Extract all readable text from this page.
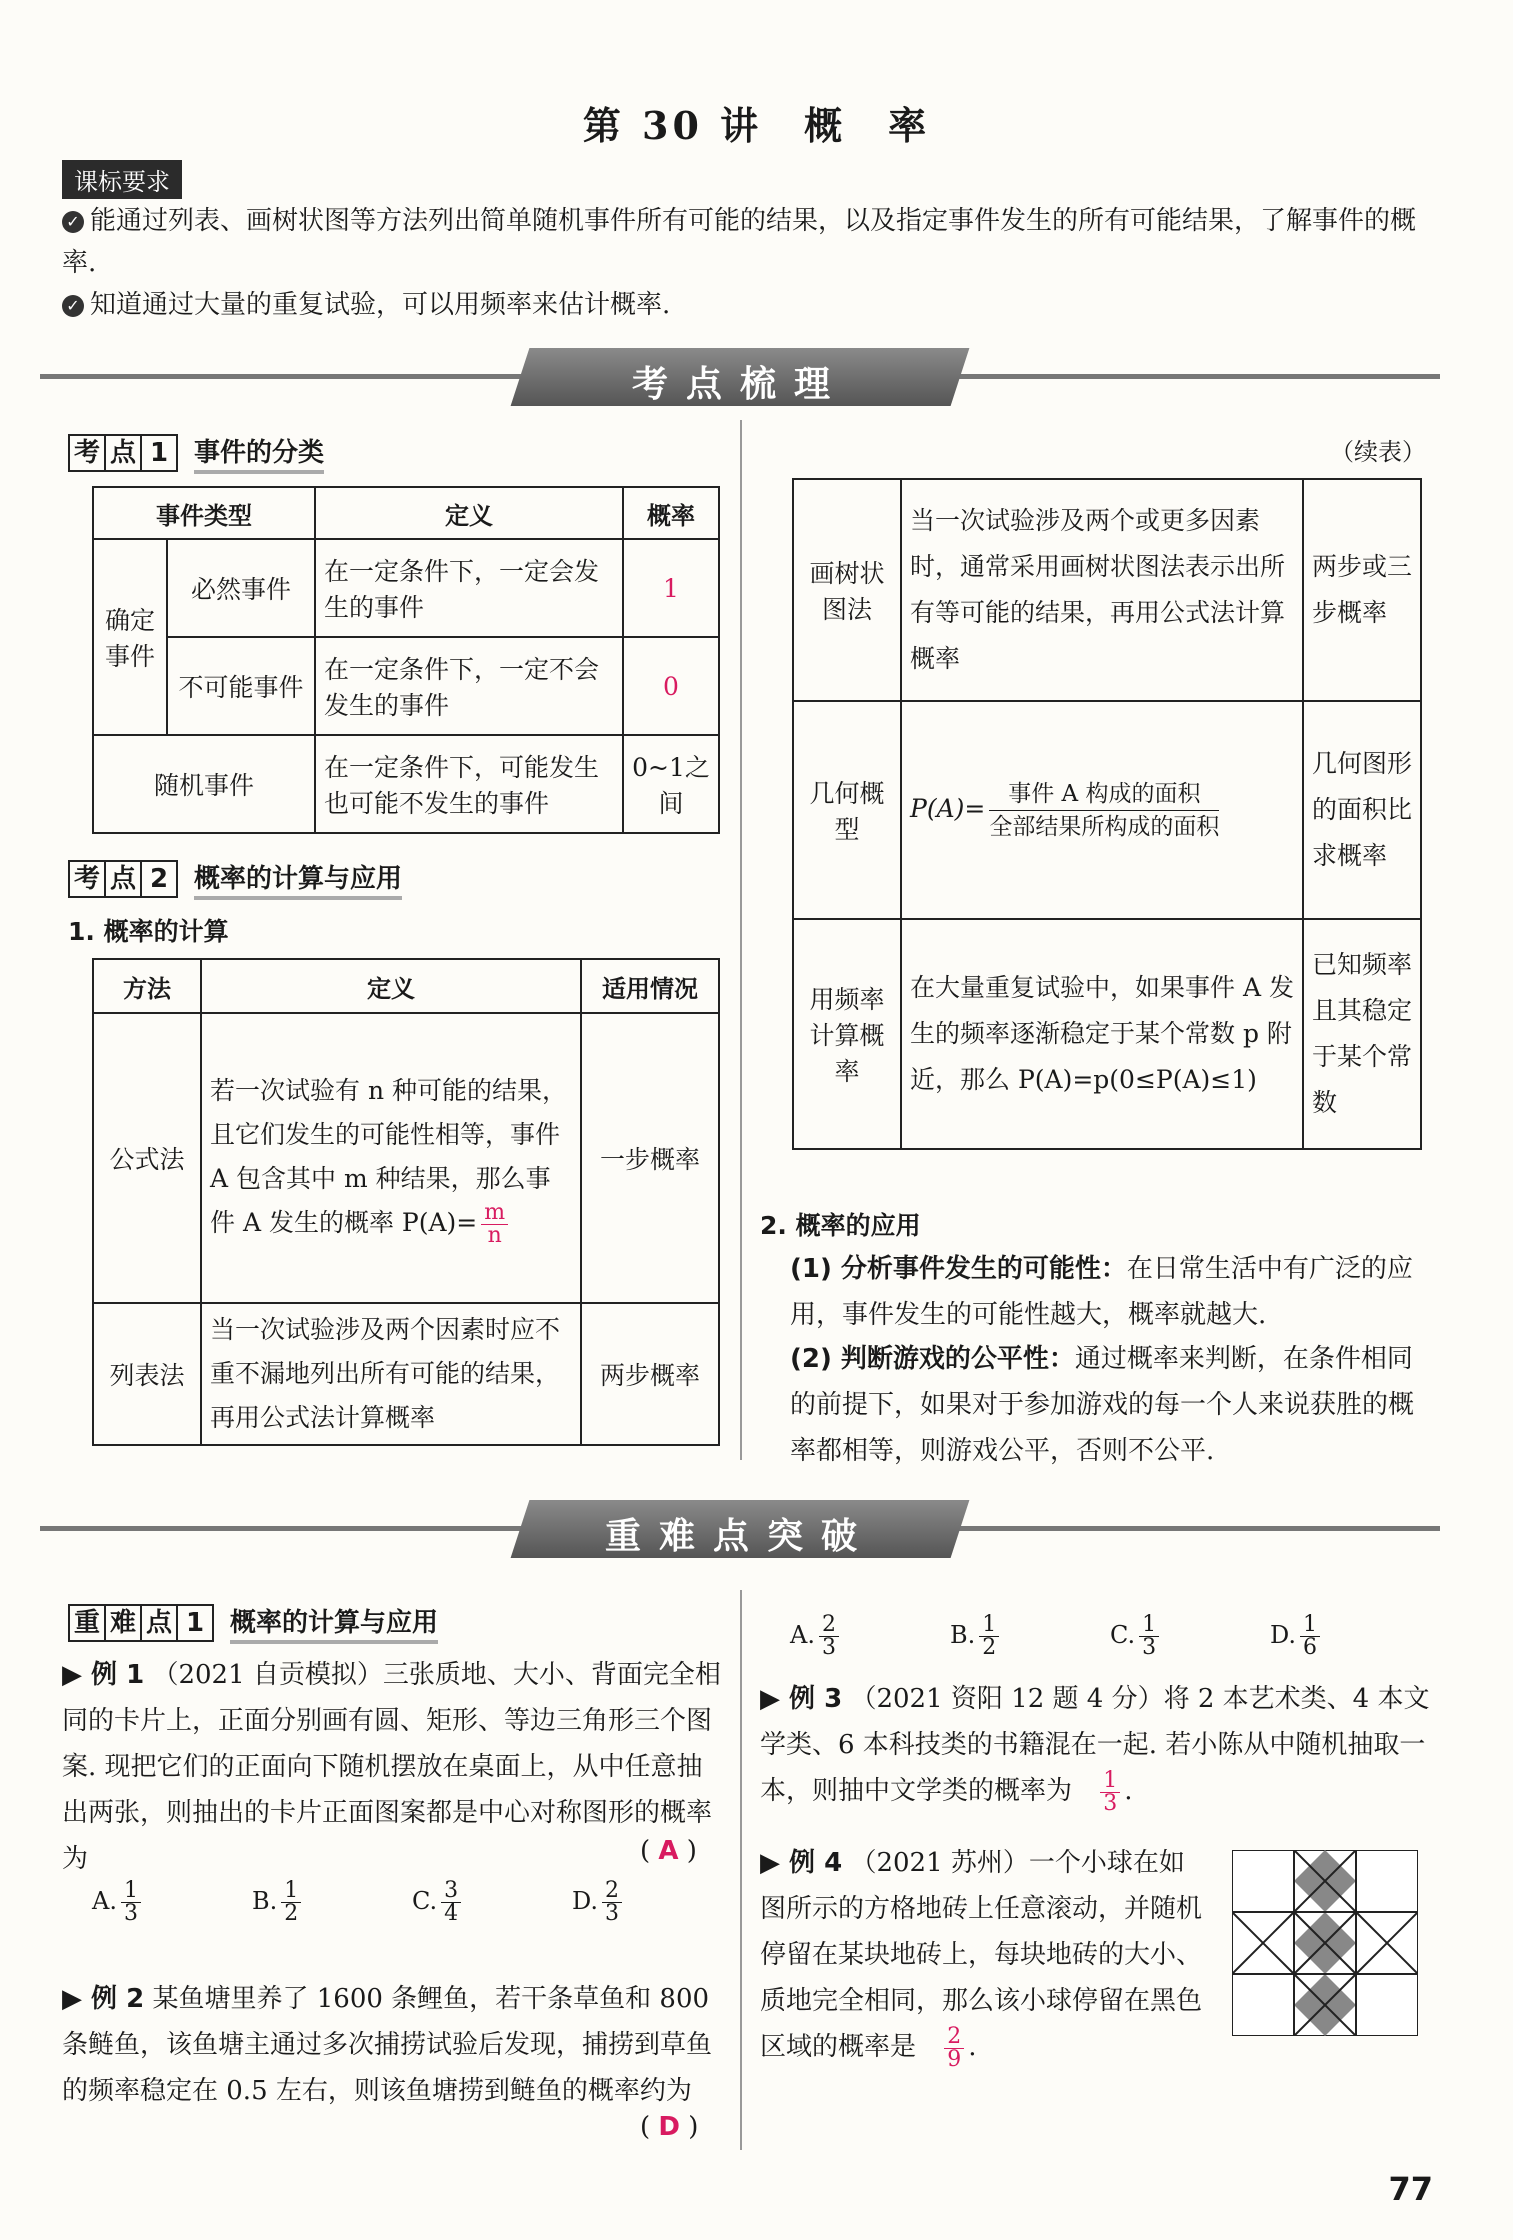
第 30 讲　概　率
课标要求
✓ 能通过列表、画树状图等方法列出简单随机事件所有可能的结果，以及指定事件发生的所有可能结果，了解事件的概率.
✓ 知道通过大量的重复试验，可以用频率来估计概率.
考点梳理
考 点 1 事件的分类
事件类型		定义	概率
确定事件	必然事件	在一定条件下，一定会发生的事件	1
	不可能事件	在一定条件下，一定不会发生的事件	0
随机事件		在一定条件下，可能发生也可能不发生的事件	0~1之间
考 点 2 概率的计算与应用
1. 概率的计算
方法	定义	适用情况
公式法	若一次试验有 n 种可能的结果，且它们发生的可能性相等，事件 A 包含其中 m 种结果，那么事件 A 发生的概率 $P(A)= \frac{m}{n}$	一步概率
列表法	当一次试验涉及两个因素时应不重不漏地列出所有可能的结果，再用公式法计算概率	两步概率
（续表）
画树状图法	当一次试验涉及两个或更多因素时，通常采用画树状图法表示出所有等可能的结果，再用公式法计算概率	两步或三步概率
几何概型	$P(A)= \frac{\text{事件 A 构成的面积}}{\text{全部结果所构成的面积}}$	几何图形的面积比求概率
用频率计算概率	在大量重复试验中，如果事件 A 发生的频率逐渐稳定于某个常数 p 附近，那么 P(A)=p(0≤P(A)≤1)	已知频率且其稳定于某个常数
2. 概率的应用
(1) 分析事件发生的可能性：在日常生活中有广泛的应用，事件发生的可能性越大，概率就越大.
(2) 判断游戏的公平性：通过概率来判断，在条件相同的前提下，如果对于参加游戏的每一个人来说获胜的概率都相等，则游戏公平，否则不公平.
重难点突破
重 难 点 1 概率的计算与应用
▶ 例 1 （2021 自贡模拟）三张质地、大小、背面完全相同的卡片上，正面分别画有圆、矩形、等边三角形三个图案. 现把它们的正面向下随机摆放在桌面上，从中任意抽出两张，则抽出的卡片正面图案都是中心对称图形的概率为	( A )
A. $\frac{1}{3}$	B. $\frac{1}{2}$	C. $\frac{3}{4}$	D. $\frac{2}{3}$
▶ 例 2 某鱼塘里养了 1600 条鲤鱼，若干条草鱼和 800 条鲢鱼，该鱼塘主通过多次捕捞试验后发现，捕捞到草鱼的频率稳定在 0.5 左右，则该鱼塘捞到鲢鱼的概率约为
( D )
A. $\frac{2}{3}$	B. $\frac{1}{2}$	C. $\frac{1}{3}$	D. $\frac{1}{6}$
▶ 例 3 （2021 资阳 12 题 4 分）将 2 本艺术类、4 本文学类、6 本科技类的书籍混在一起. 若小陈从中随机抽取一本，则抽中文学类的概率为 $\frac{1}{3}$ .
▶ 例 4 （2021 苏州）一个小球在如图所示的方格地砖上任意滚动，并随机停留在某块地砖上，每块地砖的大小、质地完全相同，那么该小球停留在黑色区域的概率是 $\frac{2}{9}$ .
77
